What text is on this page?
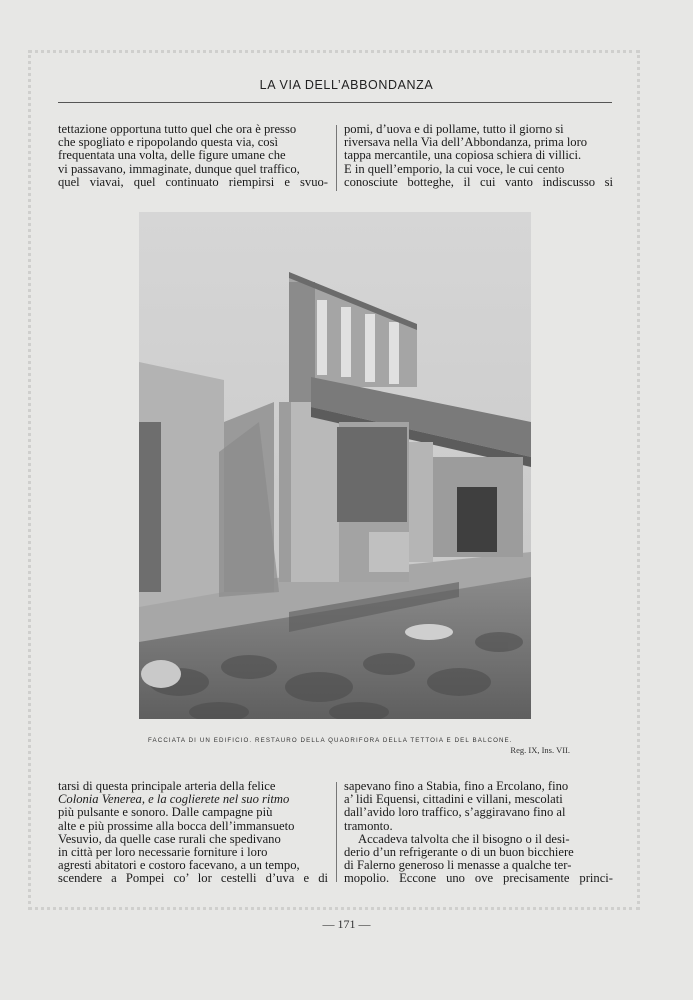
LA VIA DELL’ABBONDANZA

tettazione opportuna tutto quel che ora è presso

che spogliato e ripopolando questa via, così

frequentata una volta, delle figure umane che

vi passavano, immaginate, dunque quel traffico,

quel viavai, quel continuato riempirsi e svuo-

pomi, d’uova e di pollame, tutto il giorno si

riversava nella Via dell’Abbondanza, prima loro

tappa mercantile, una copiosa schiera di villici.

E in quell’emporio, la cui voce, le cui cento

conosciute botteghe, il cui vanto indiscusso si

FACCIATA DI UN EDIFICIO. RESTAURO DELLA QUADRIFORA DELLA TETTOIA E DEL BALCONE.
Reg. IX, Ins. VII.

tarsi di questa principale arteria della felice

Colonia Venerea, e la coglierete nel suo ritmo

più pulsante e sonoro. Dalle campagne più

alte e più prossime alla bocca dell’immansueto

Vesuvio, da quelle case rurali che spedivano

in città per loro necessarie forniture i loro

agresti abitatori e costoro facevano, a un tempo,

scendere a Pompei co’ lor cestelli d’uva e di

sapevano fino a Stabia, fino a Ercolano, fino

a’ lidi Equensi, cittadini e villani, mescolati

dall’avido loro traffico, s’aggiravano fino al

tramonto.

Accadeva talvolta che il bisogno o il desi-

derio d’un refrigerante o di un buon bicchiere

di Falerno generoso li menasse a qualche ter-

mopolio. Eccone uno ove precisamente princi-

— 171 —
